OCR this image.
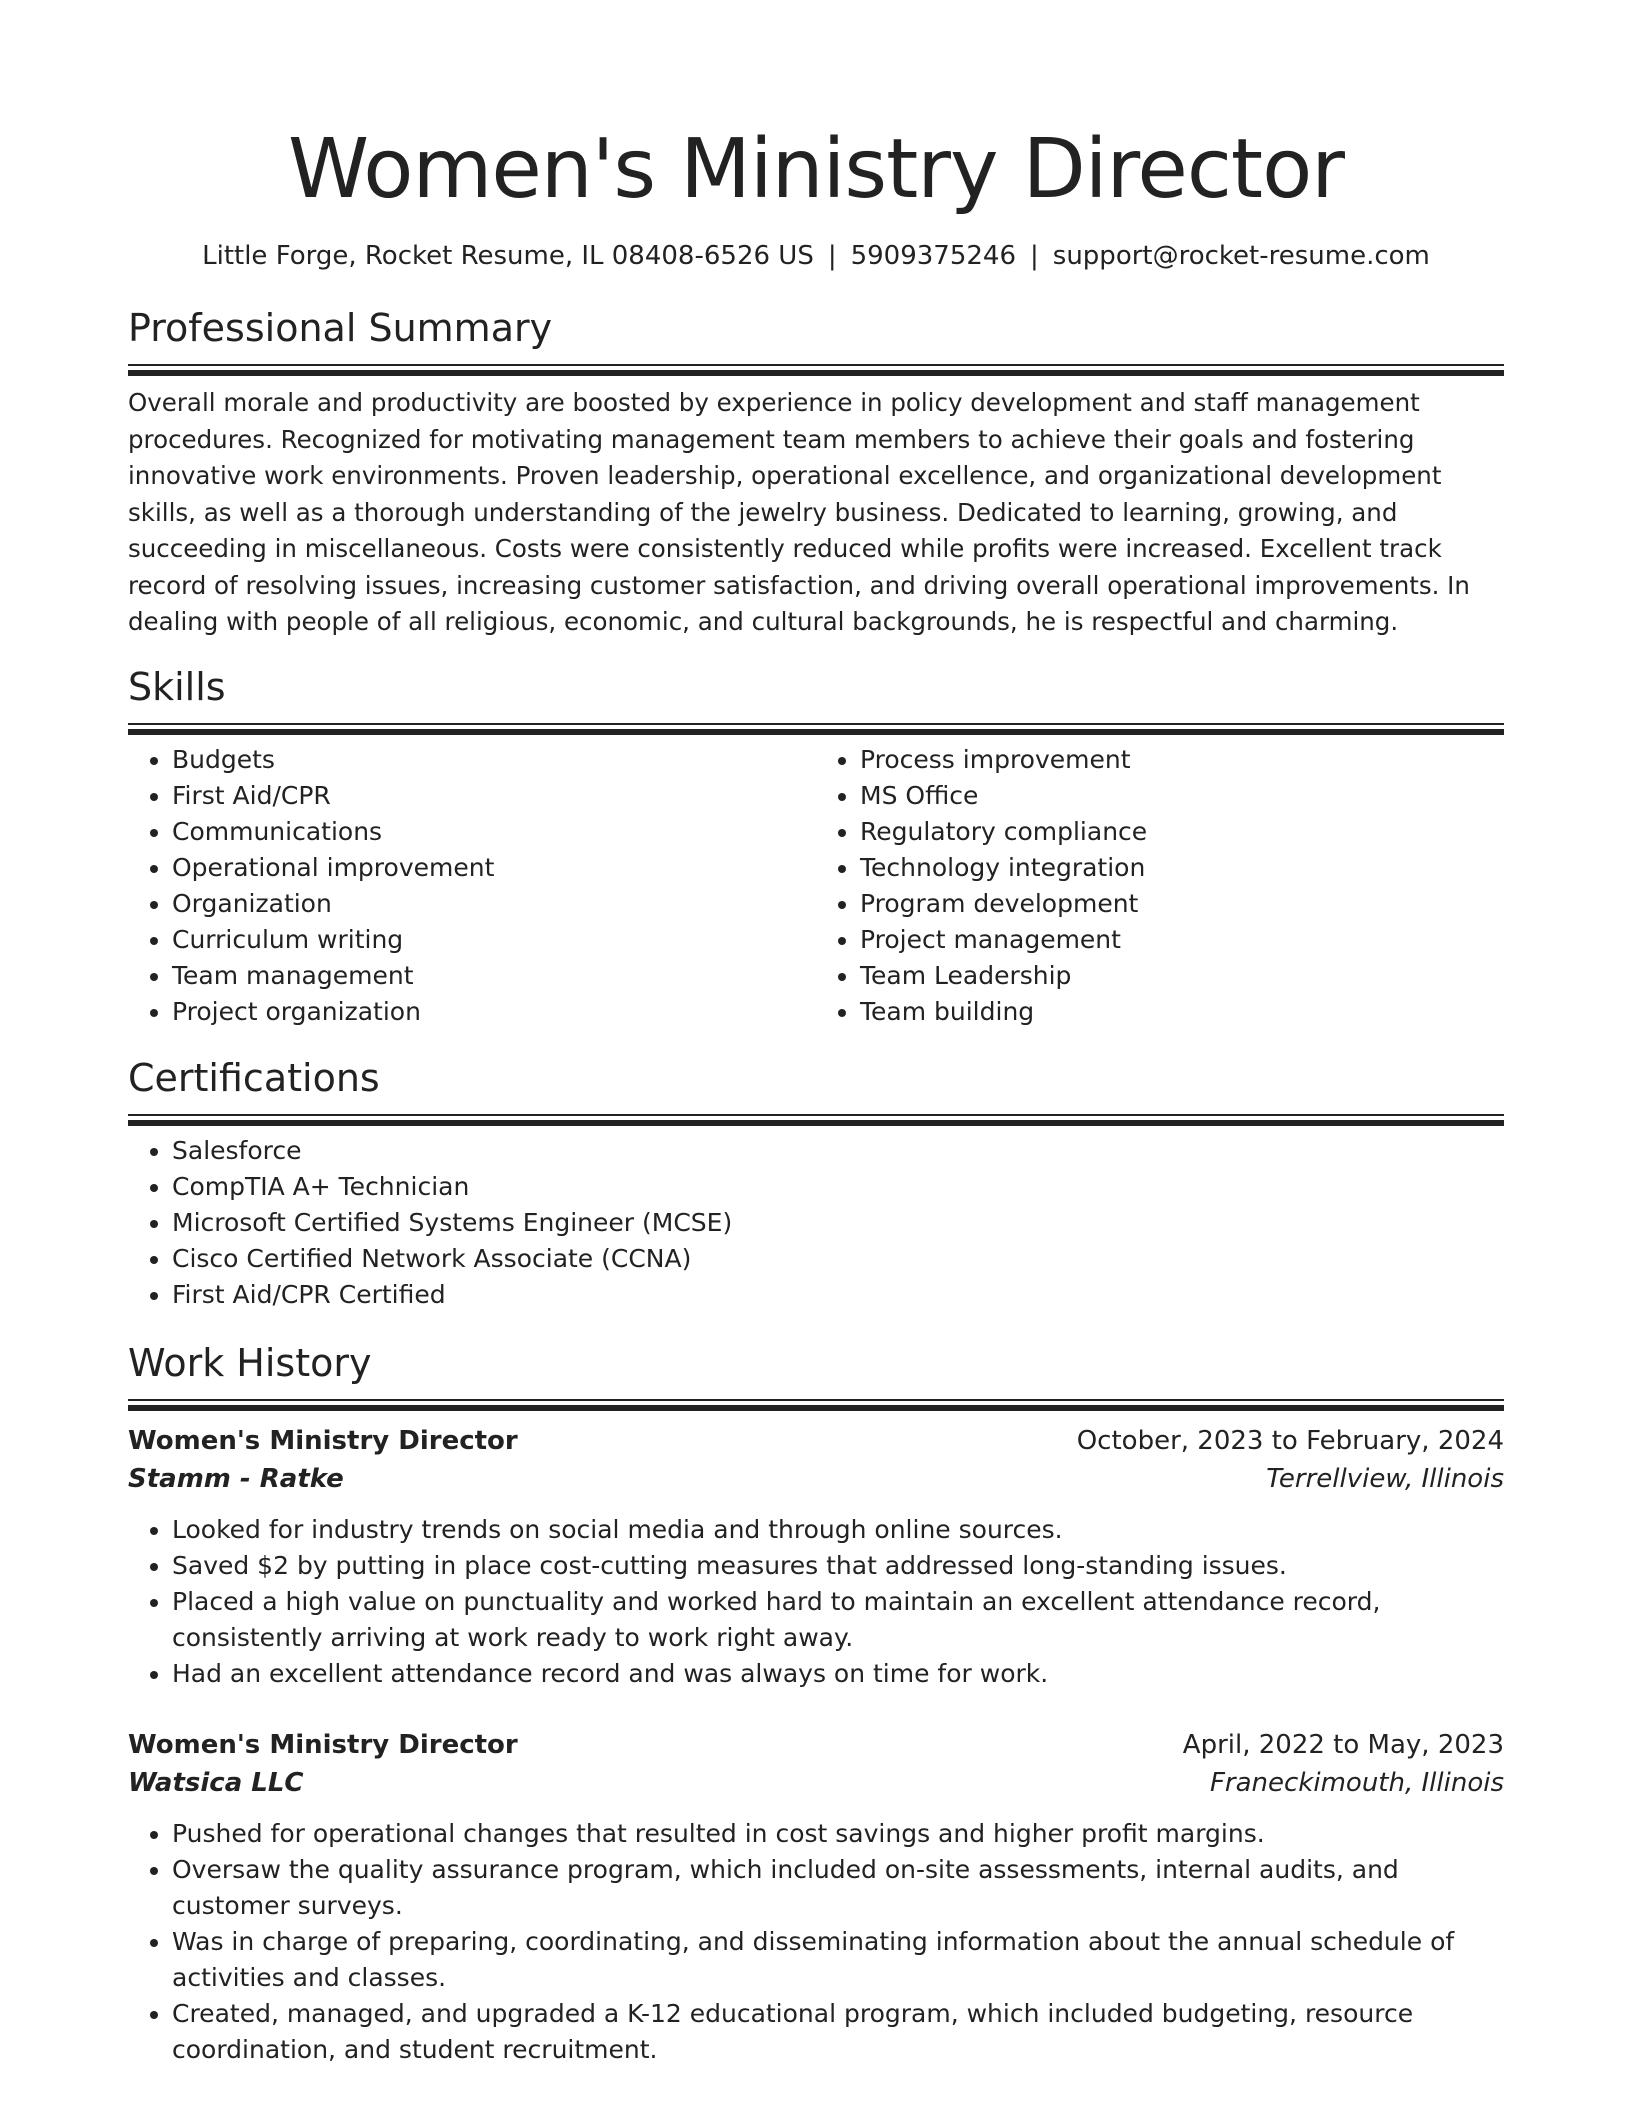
Women's Ministry Director
Little Forge, Rocket Resume, IL 08408-6526 US | 5909375246 | support@rocket-resume.com
Professional Summary
Overall morale and productivity are boosted by experience in policy development and staff management procedures. Recognized for motivating management team members to achieve their goals and fostering innovative work environments. Proven leadership, operational excellence, and organizational development skills, as well as a thorough understanding of the jewelry business. Dedicated to learning, growing, and succeeding in miscellaneous. Costs were consistently reduced while profits were increased. Excellent track record of resolving issues, increasing customer satisfaction, and driving overall operational improvements. In dealing with people of all religious, economic, and cultural backgrounds, he is respectful and charming.
Skills
• Budgets
• First Aid/CPR
• Communications
• Operational improvement
• Organization
• Curriculum writing
• Team management
• Project organization
• Process improvement
• MS Office
• Regulatory compliance
• Technology integration
• Program development
• Project management
• Team Leadership
• Team building
Certifications
• Salesforce
• CompTIA A+ Technician
• Microsoft Certified Systems Engineer (MCSE)
• Cisco Certified Network Associate (CCNA)
• First Aid/CPR Certified
Work History
Women's Ministry Director	October, 2023 to February, 2024
Stamm - Ratke	Terrellview, Illinois
• Looked for industry trends on social media and through online sources.
• Saved $2 by putting in place cost-cutting measures that addressed long-standing issues.
• Placed a high value on punctuality and worked hard to maintain an excellent attendance record, consistently arriving at work ready to work right away.
• Had an excellent attendance record and was always on time for work.
Women's Ministry Director	April, 2022 to May, 2023
Watsica LLC	Franeckimouth, Illinois
• Pushed for operational changes that resulted in cost savings and higher profit margins.
• Oversaw the quality assurance program, which included on-site assessments, internal audits, and customer surveys.
• Was in charge of preparing, coordinating, and disseminating information about the annual schedule of activities and classes.
• Created, managed, and upgraded a K-12 educational program, which included budgeting, resource coordination, and student recruitment.
